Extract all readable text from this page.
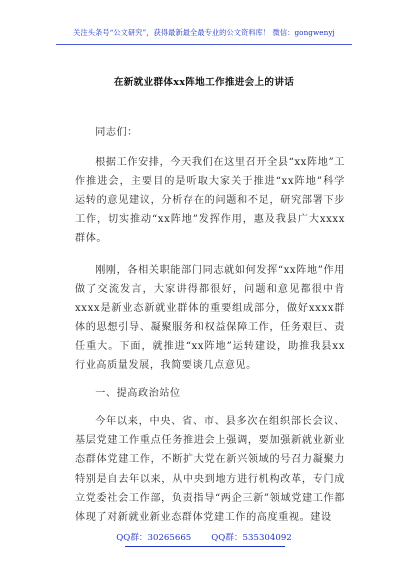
关注头条号“公文研究”，获得最新最全最专业的公文资料库！ 微信：gongwenyj
在新就业群体xx阵地工作推进会上的讲话

同志们：

根据工作安排，今天我们在这里召开全县“xx阵地”工作推进会，主要目的是听取大家关于推进“xx阵地”科学运转的意见建议，分析存在的问题和不足，研究部署下步工作，切实推动“xx阵地”发挥作用，惠及我县广大xxxx群体。

刚刚，各相关职能部门同志就如何发挥“xx阵地”作用做了交流发言，大家讲得都很好，问题和意见都很中肯xxxx是新业态新就业群体的重要组成部分，做好xxxx群体的思想引导、凝聚服务和权益保障工作，任务艰巨、责任重大。下面，就推进“xx阵地”运转建设，助推我县xx行业高质量发展，我简要谈几点意见。

一、提高政治站位

今年以来，中央、省、市、县多次在组织部长会议、基层党建工作重点任务推进会上强调，要加强新就业新业态群体党建工作，不断扩大党在新兴领域的号召力凝聚力特别是自去年以来，从中央到地方进行机构改革，专门成立党委社会工作部，负责指导“两企三新”领域党建工作都体现了对新就业新业态群体党建工作的高度重视。建设

QQ群：30265665 QQ群：535304092
